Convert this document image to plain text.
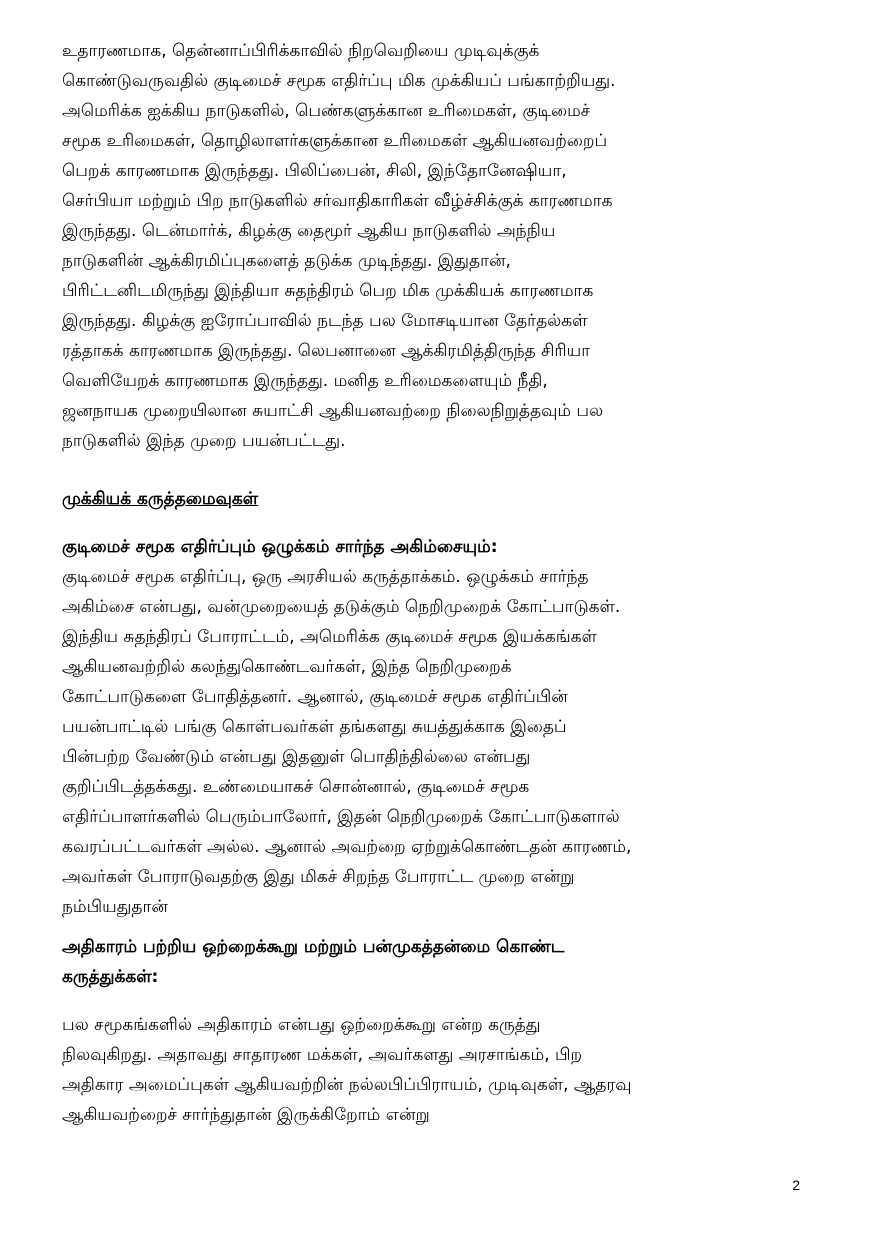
உதாரணமாக, தென்னாப்பிரிக்காவில் நிறவெறியை முடிவுக்குக்
கொண்டுவருவதில் குடிமைச் சமூக எதிர்ப்பு மிக முக்கியப் பங்காற்றியது.
அமெரிக்க ஐக்கிய நாடுகளில், பெண்களுக்கான உரிமைகள், குடிமைச்
சமூக உரிமைகள், தொழிலாளர்களுக்கான உரிமைகள் ஆகியனவற்றைப்
பெறக் காரணமாக இருந்தது. பிலிப்பைன், சிலி, இந்தோனேஷியா,
செர்பியா மற்றும் பிற நாடுகளில் சர்வாதிகாரிகள் வீழ்ச்சிக்குக் காரணமாக
இருந்தது. டென்மார்க், கிழக்கு தைமூர் ஆகிய நாடுகளில் அந்நிய
நாடுகளின் ஆக்கிரமிப்புகளைத் தடுக்க முடிந்தது. இதுதான்,
பிரிட்டனிடமிருந்து இந்தியா சுதந்திரம் பெற மிக முக்கியக் காரணமாக
இருந்தது. கிழக்கு ஐரோப்பாவில் நடந்த பல மோசடியான தேர்தல்கள்
ரத்தாகக் காரணமாக இருந்தது. லெபனானை ஆக்கிரமித்திருந்த சிரியா
வெளியேறக் காரணமாக இருந்தது. மனித உரிமைகளையும் நீதி,
ஜனநாயக முறையிலான சுயாட்சி ஆகியனவற்றை நிலைநிறுத்தவும் பல
நாடுகளில் இந்த முறை பயன்பட்டது.

முக்கியக் கருத்தமைவுகள்
குடிமைச் சமூக எதிர்ப்பும் ஒழுக்கம் சார்ந்த அகிம்சையும்:

குடிமைச் சமூக எதிர்ப்பு, ஒரு அரசியல் கருத்தாக்கம். ஒழுக்கம் சார்ந்த
அகிம்சை என்பது, வன்முறையைத் தடுக்கும் நெறிமுறைக் கோட்பாடுகள்.
இந்திய சுதந்திரப் போராட்டம், அமெரிக்க குடிமைச் சமூக இயக்கங்கள்
ஆகியனவற்றில் கலந்துகொண்டவர்கள், இந்த நெறிமுறைக்
கோட்பாடுகளை போதித்தனர். ஆனால், குடிமைச் சமூக எதிர்ப்பின்
பயன்பாட்டில் பங்கு கொள்பவர்கள் தங்களது சுயத்துக்காக இதைப்
பின்பற்ற வேண்டும் என்பது இதனுள் பொதிந்தில்லை என்பது
குறிப்பிடத்தக்கது. உண்மையாகச் சொன்னால், குடிமைச் சமூக
எதிர்ப்பாளர்களில் பெரும்பாலோர், இதன் நெறிமுறைக் கோட்பாடுகளால்
கவரப்பட்டவர்கள் அல்ல. ஆனால் அவற்றை ஏற்றுக்கொண்டதன் காரணம்,
அவர்கள் போராடுவதற்கு இது மிகச் சிறந்த போராட்ட முறை என்று
நம்பியதுதான்

அதிகாரம் பற்றிய ஒற்றைக்கூறு மற்றும் பன்முகத்தன்மை கொண்ட
கருத்துக்கள்:

பல சமூகங்களில் அதிகாரம் என்பது ஒற்றைக்கூறு என்ற கருத்து
நிலவுகிறது. அதாவது சாதாரண மக்கள், அவர்களது அரசாங்கம், பிற
அதிகார அமைப்புகள் ஆகியவற்றின் நல்லபிப்பிராயம், முடிவுகள், ஆதரவு
ஆகியவற்றைச் சார்ந்துதான் இருக்கிறோம் என்று

2
